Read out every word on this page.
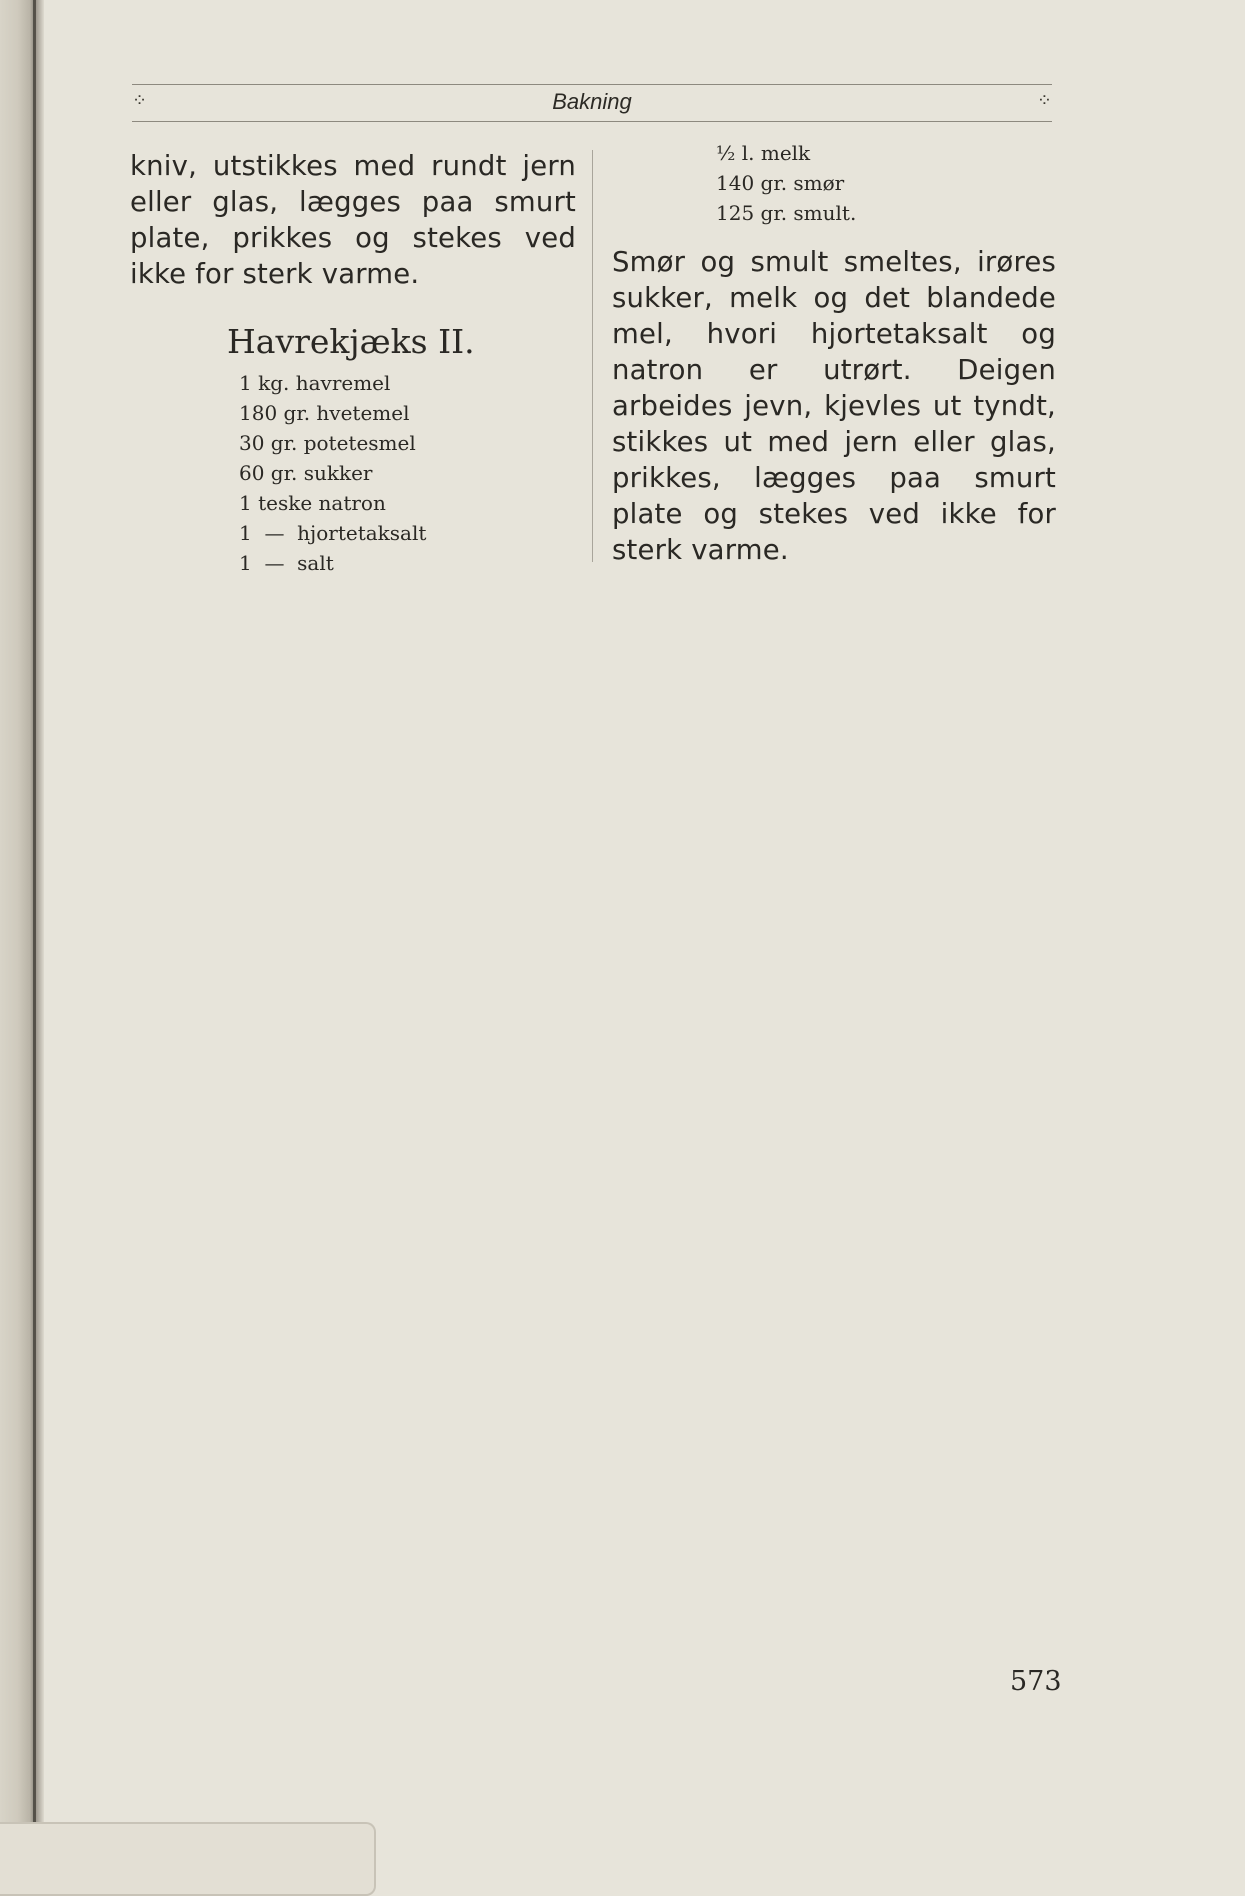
⁘	Bakning	⁘

kniv, utstikkes med rundt jern eller glas, lægges paa smurt plate, prikkes og stekes ved ikke for sterk varme.

Havrekjæks II.
1 kg. havremel
180 gr. hvetemel
30 gr. potetesmel
60 gr. sukker
1 teske natron
1  —  hjortetaksalt
1  —  salt
½ l. melk
140 gr. smør
125 gr. smult.

Smør og smult smeltes, irøres sukker, melk og det blandede mel, hvori hjortetaksalt og natron er utrørt. Deigen arbeides jevn, kjevles ut tyndt, stikkes ut med jern eller glas, prikkes, lægges paa smurt plate og stekes ved ikke for sterk varme.

573
